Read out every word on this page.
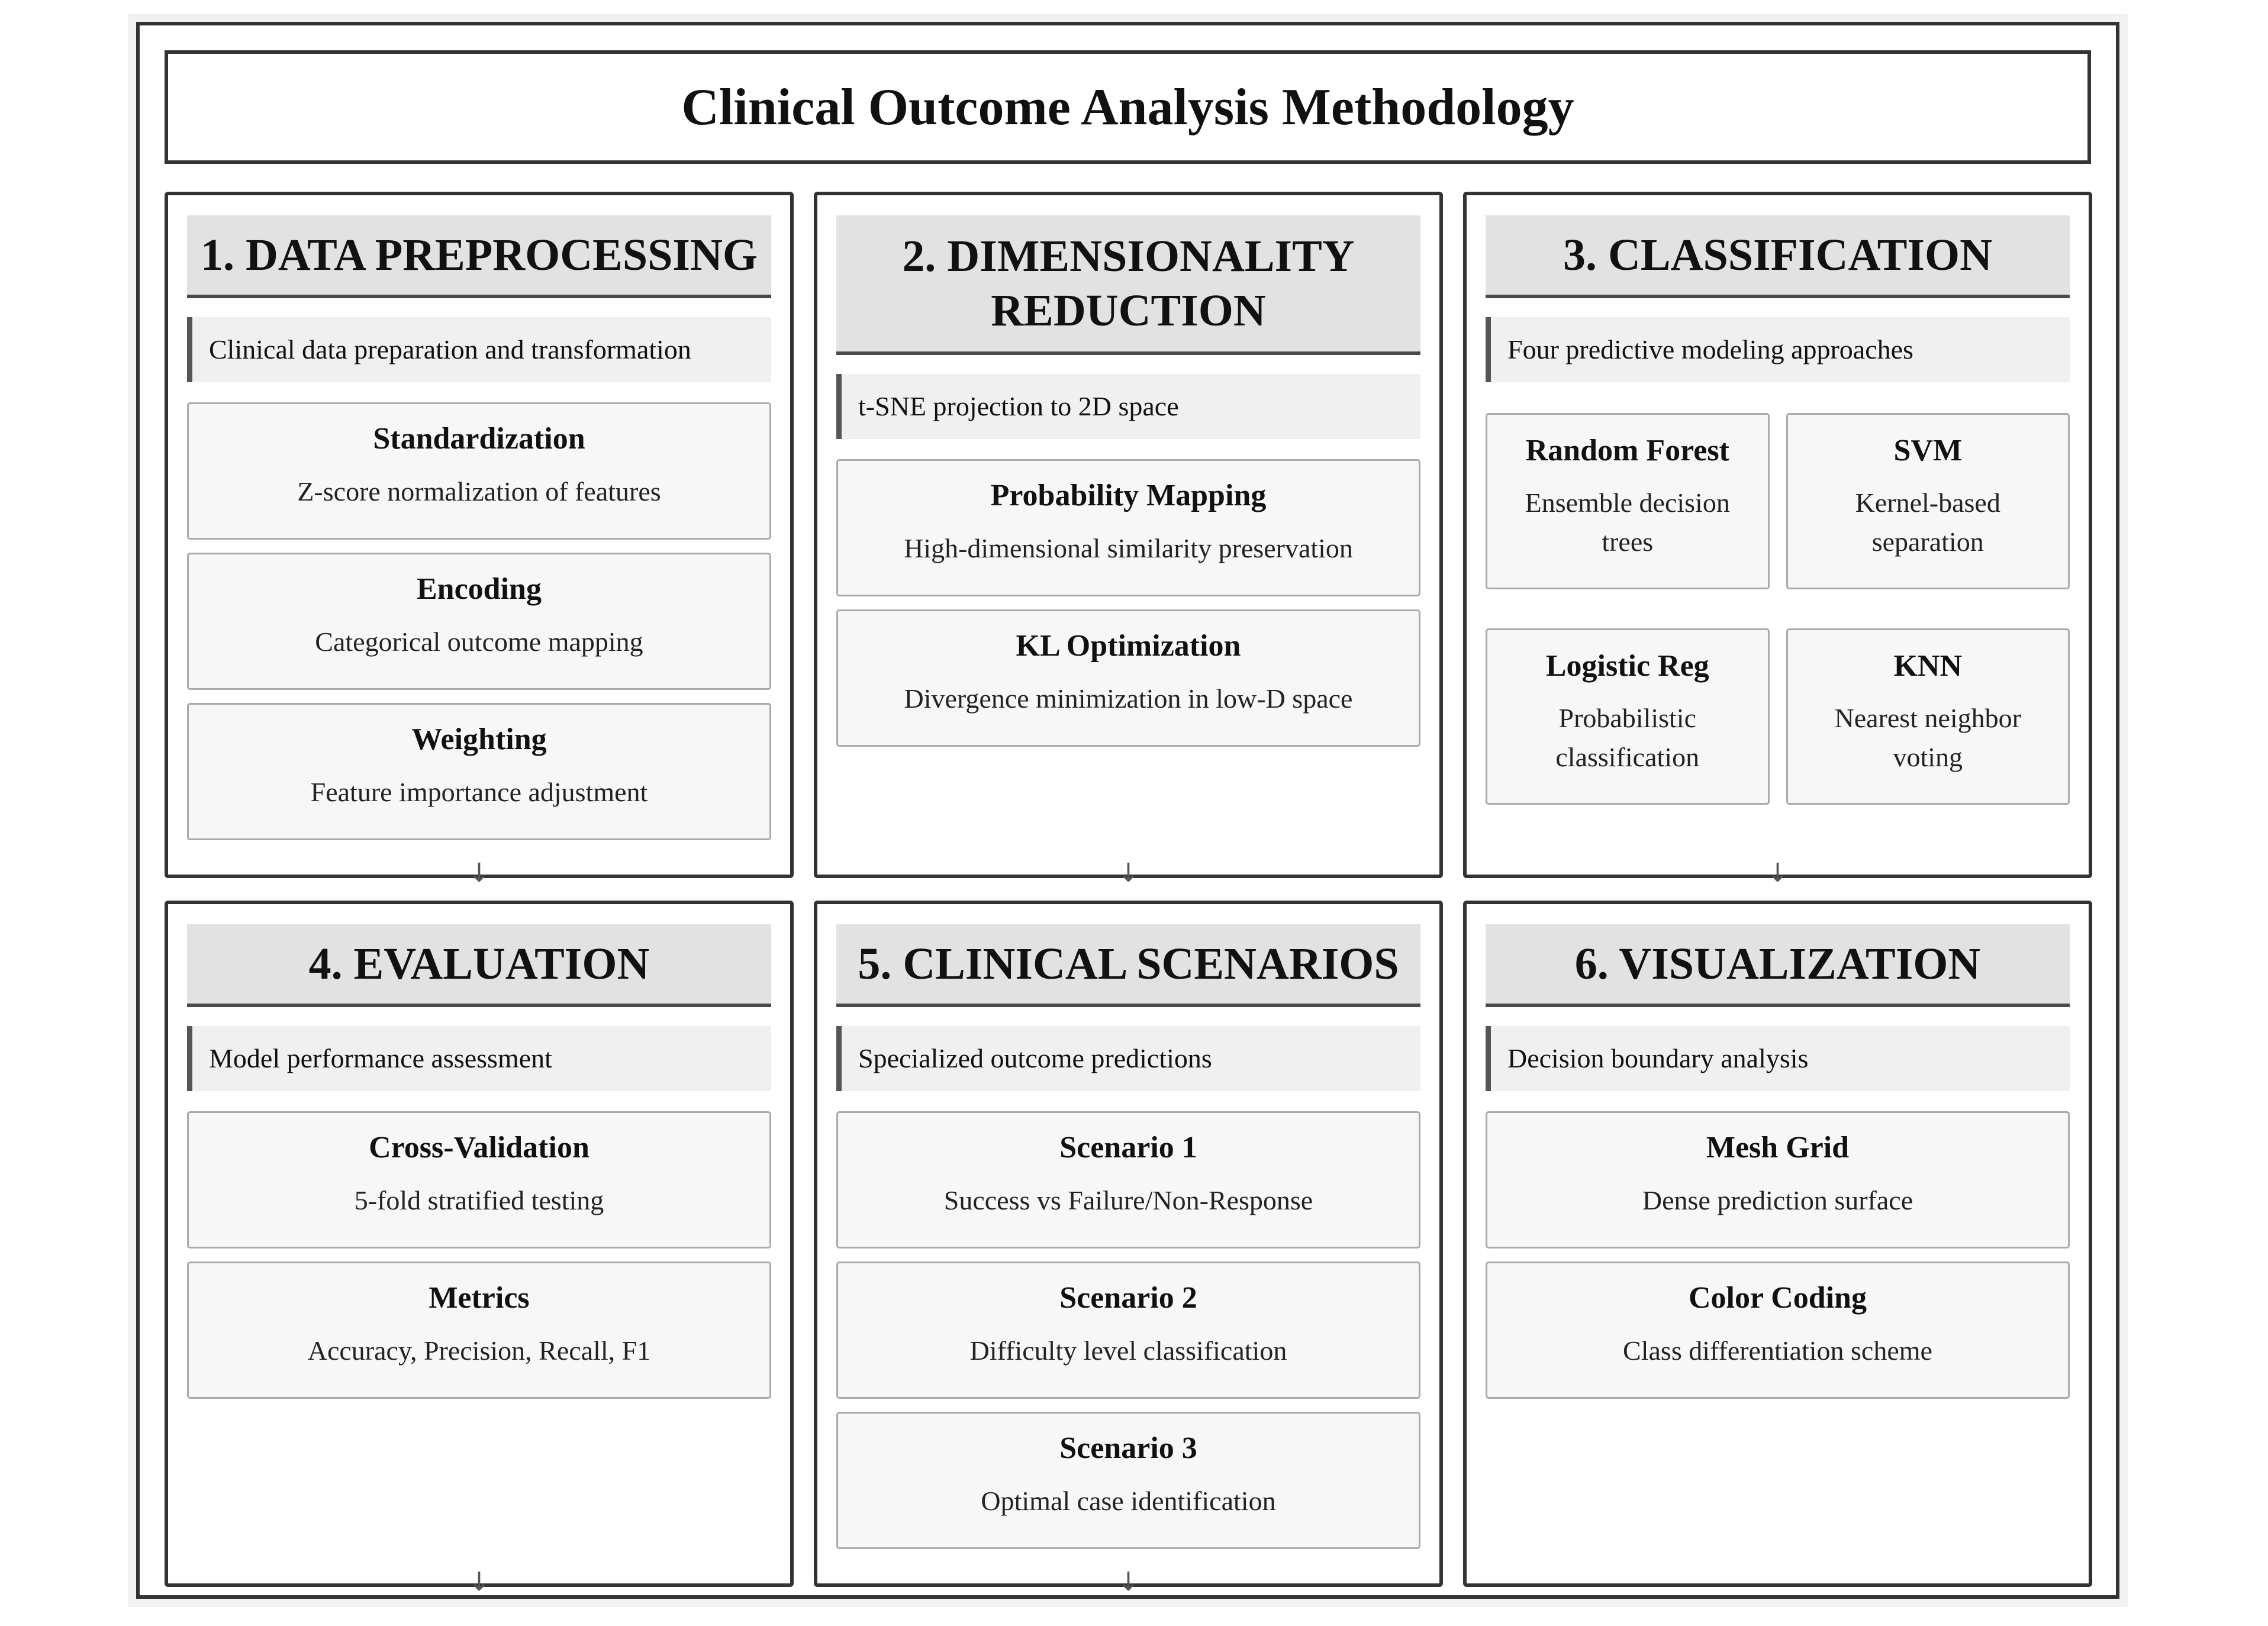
Clinical Outcome Analysis Methodology
1. DATA PREPROCESSING
Clinical data preparation and transformation
Standardization
Z-score normalization of features
Encoding
Categorical outcome mapping
Weighting
Feature importance adjustment
↓
2. DIMENSIONALITY REDUCTION
t-SNE projection to 2D space
Probability Mapping
High-dimensional similarity preservation
KL Optimization
Divergence minimization in low-D space
↓
3. CLASSIFICATION
Four predictive modeling approaches
Random Forest
Ensemble decision trees
SVM
Kernel-based separation
Logistic Reg
Probabilistic classification
KNN
Nearest neighbor voting
↓
4. EVALUATION
Model performance assessment
Cross-Validation
5-fold stratified testing
Metrics
Accuracy, Precision, Recall, F1
↓
5. CLINICAL SCENARIOS
Specialized outcome predictions
Scenario 1
Success vs Failure/Non-Response
Scenario 2
Difficulty level classification
Scenario 3
Optimal case identification
↓
6. VISUALIZATION
Decision boundary analysis
Mesh Grid
Dense prediction surface
Color Coding
Class differentiation scheme
